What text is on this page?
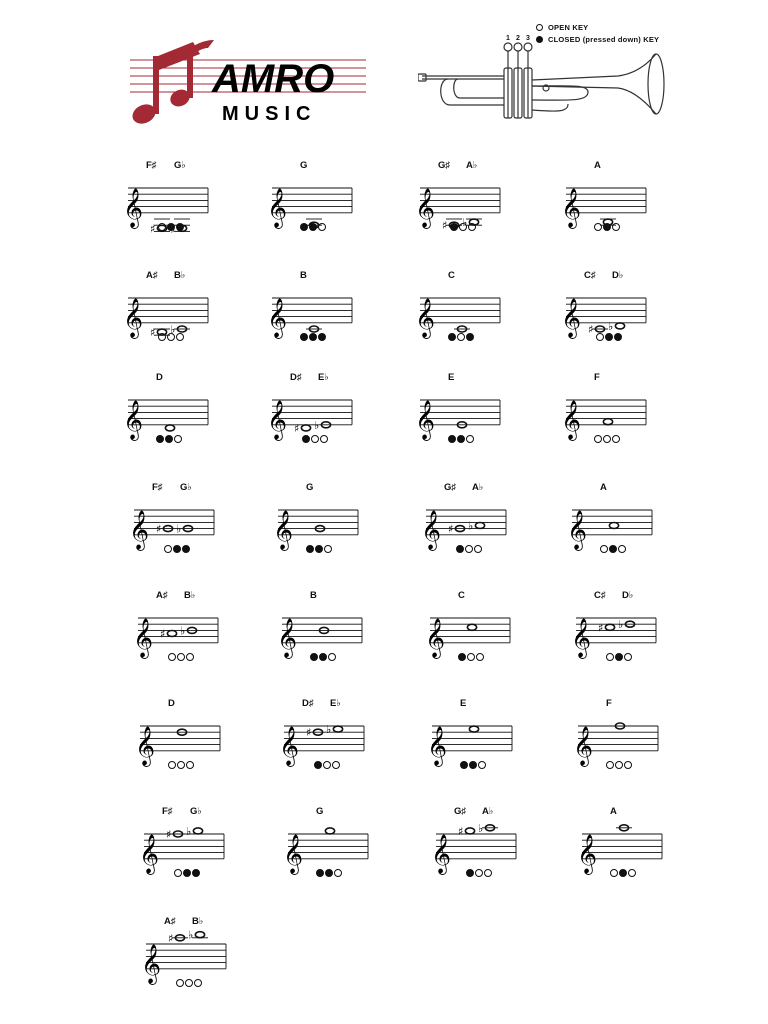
AMRO
MUSIC
OPEN KEY
CLOSED (pressed down) KEY
1 2 3
F♯ G♭
𝄞
♯
G
𝄞
G♯ A♭
𝄞 ♯ ♭
A
𝄞
A♯ B♭
𝄞 ♯ ♭
B
𝄞
C
𝄞
C♯ D♭
𝄞 ♯ ♭
D
𝄞
D♯ E♭
𝄞 ♯ ♭
E
𝄞
F
𝄞
F♯ G♭
𝄞 ♯ ♭
G
𝄞
G♯ A♭
𝄞 ♯ ♭
A
𝄞
A♯ B♭
𝄞 ♯ ♭
B
𝄞
C
𝄞
C♯ D♭
𝄞 ♯ ♭
D
𝄞
D♯ E♭
𝄞 ♯ ♭
E
𝄞
F
𝄞
F♯ G♭
𝄞 ♯ ♭
G
𝄞
G♯ A♭
𝄞
♯ ♭
A
𝄞
A♯ B♭
𝄞
♯ ♭
